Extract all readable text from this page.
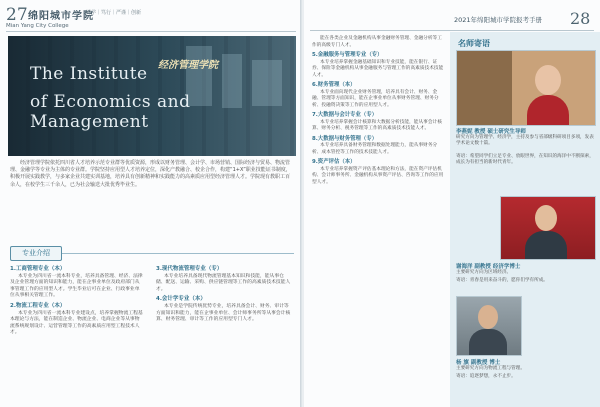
27 绵阳城市学院
博学｜笃行｜严谨｜创新
Mian Yang City College
The Institute
of Economics and Management
经济管理学院

经济管理学院依托四川省人才培养示范专业群等优质资源，形成以财务管理、会计学、市场营销、国际经济与贸易、物流管理、金融学等专业为主体的专业群。学院坚持应用型人才培养定位，深化产教融合、校企合作，构建“1+X”职业技能证书制度，积极开展实践教学，与多家企业共建实训基地，培养具有创新精神和实践能力的高素质应用型经济管理人才。学院现有教职工百余人，在校学生三千余人，已为社会输送大批优秀毕业生。

专业介绍
1.工商管理专业（本）

本专业为四川省一流本科专业，培养具备管理、经济、法律及企业管理方面的知识和能力，能在企事业单位及政府部门从事管理工作的应用型人才。学生毕业后可在企业、行政事业单位从事相关管理工作。

2.物流工程专业（本）

本专业为四川省一流本科专业建设点，培养掌握物流工程基本理论与方法，能在制造企业、物流企业、电商企业等从事物流系统规划设计、运营管理等工作的高素质应用型工程技术人才。

3.现代物流管理专业（专）

本专业培养具备现代物流管理基本知识和技能，能从事仓储、配送、运输、采购、供应链管理等工作的高素质技术技能人才。

4.会计学专业（本）

本专业是学院传统优势专业，培养具备会计、财务、审计等方面知识和能力，能在企事业单位、会计师事务所等从事会计核算、财务管理、审计等工作的应用型专门人才。

2021年绵阳城市学院报考手册 28

能在各类企业及金融机构从事金融财务管理、金融分析等工作的高级专门人才。

5.金融服务与管理专业（专）

本专业培养掌握金融基础知识和专业技能，能在银行、证券、保险等金融机构从事金融服务与管理工作的高素质技术技能人才。

6.财务管理（本）

本专业面向现代企业财务管理，培养具有会计、财务、金融、管理等方面知识，能在企事业单位从事财务管理、财务分析、投融资决策等工作的应用型人才。

7.大数据与会计专业（专）

本专业培养掌握会计核算和大数据分析技能，能从事会计核算、财务分析、税务管理等工作的高素质技术技能人才。

8.大数据与财务管理（专）

本专业培养具备财务管理和数据处理能力，能从事财务分析、成本管控等工作的技术技能人才。

9.资产评估（本）

本专业培养掌握资产评估基本理论和方法，能在资产评估机构、会计师事务所、金融机构从事资产评估、咨询等工作的应用型人才。

名师寄语
李燕妮 教授 硕士研究生导师

研究方向为管理学、经济学，主持及参与省部级科研项目多项，发表学术论文数十篇。

寄语：希望同学们立足专业、放眼世界，在知识的海洋中不断探索，成长为有担当的新时代青年。

谢海洋 副教授 经济学博士

主要研究方向为区域经济。

寄语：青春是用来奋斗的，愿你们学有所成。

杨 旗 副教授 博士

主要研究方向为物流工程与管理。

寄语：追逐梦想，永不止步。
